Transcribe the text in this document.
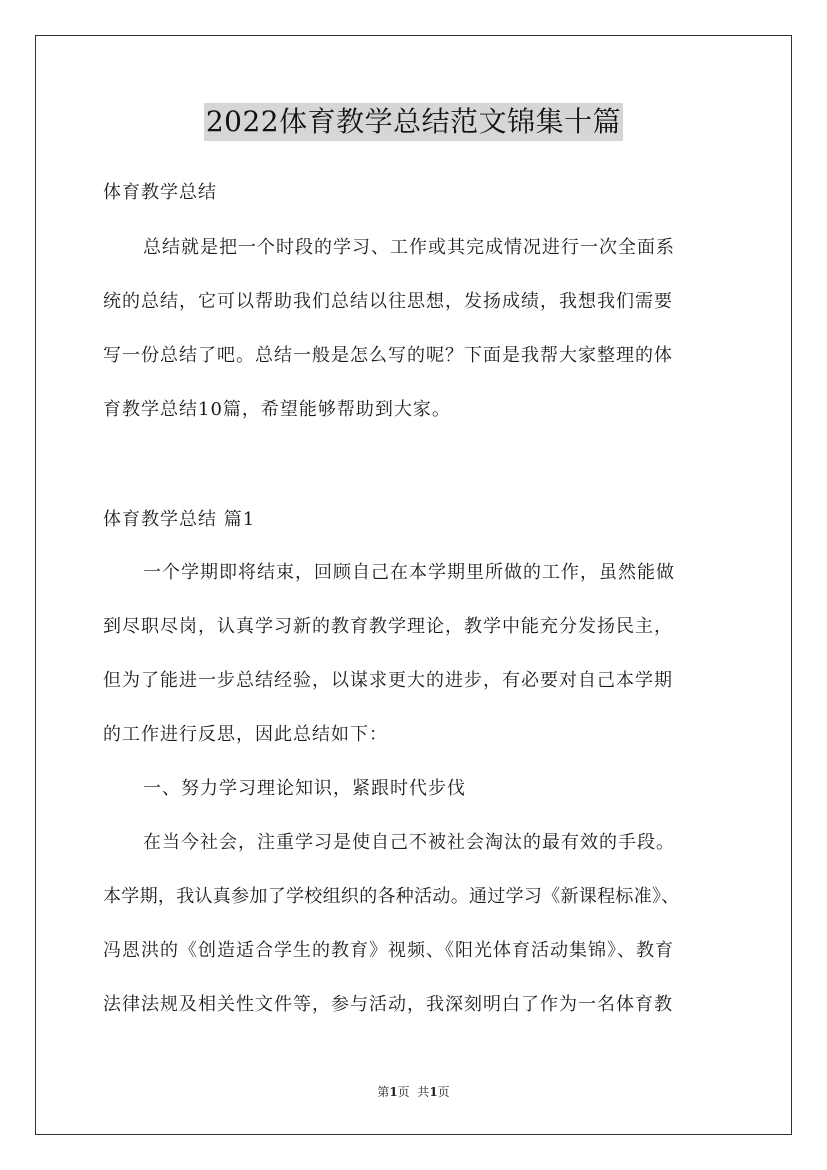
2022体育教学总结范文锦集十篇
体育教学总结
总结就是把一个时段的学习、工作或其完成情况进行一次全面系
统的总结，它可以帮助我们总结以往思想，发扬成绩，我想我们需要
写一份总结了吧。总结一般是怎么写的呢？下面是我帮大家整理的体
育教学总结10篇，希望能够帮助到大家。
体育教学总结 篇1
一个学期即将结束，回顾自己在本学期里所做的工作，虽然能做
到尽职尽岗，认真学习新的教育教学理论，教学中能充分发扬民主，
但为了能进一步总结经验，以谋求更大的进步，有必要对自己本学期
的工作进行反思，因此总结如下：
一、努力学习理论知识，紧跟时代步伐
在当今社会，注重学习是使自己不被社会淘汰的最有效的手段。
本学期，我认真参加了学校组织的各种活动。通过学习《新课程标准》、
冯恩洪的《创造适合学生的教育》视频、《阳光体育活动集锦》、教育
法律法规及相关性文件等，参与活动，我深刻明白了作为一名体育教
第1页  共1页
